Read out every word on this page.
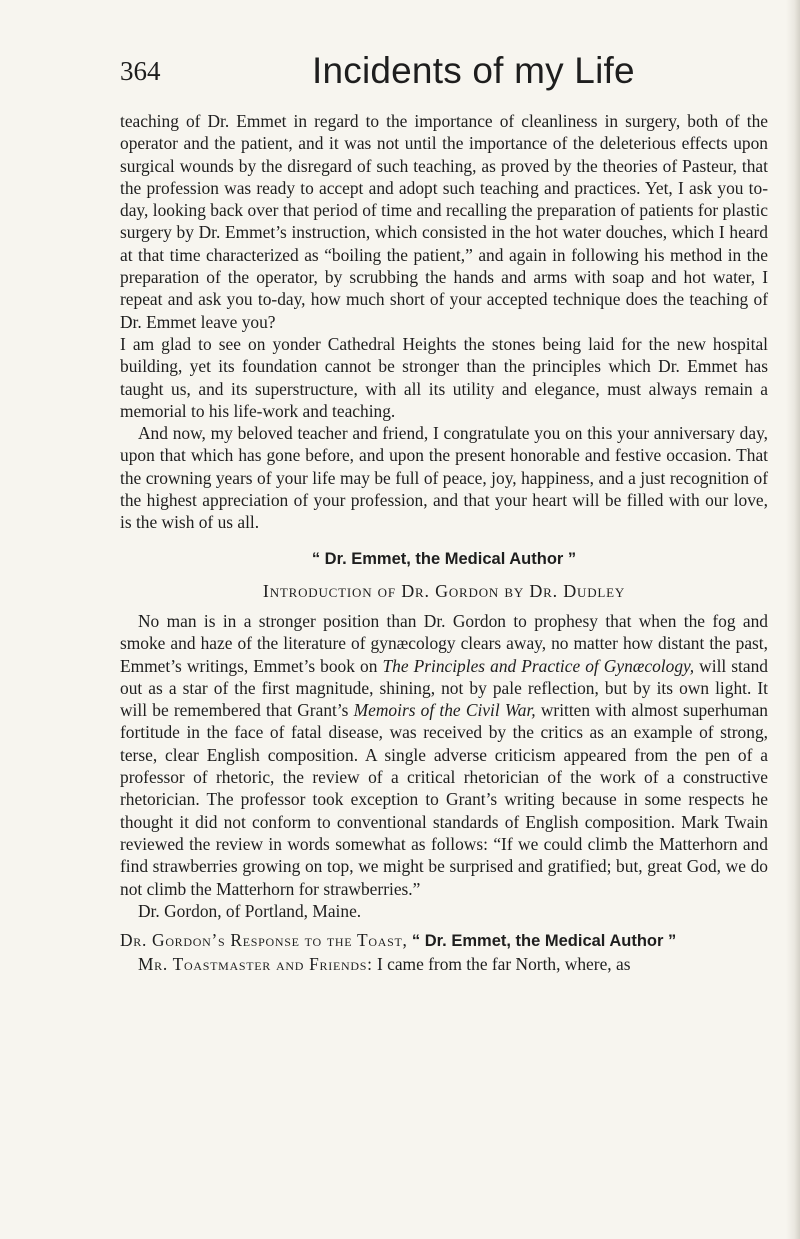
364	Incidents of my Life

teaching of Dr. Emmet in regard to the importance of cleanliness in surgery, both of the operator and the patient, and it was not until the importance of the deleterious effects upon surgical wounds by the disregard of such teaching, as proved by the theories of Pasteur, that the profession was ready to accept and adopt such teaching and practices. Yet, I ask you to-day, looking back over that period of time and recalling the preparation of patients for plastic surgery by Dr. Emmet’s instruction, which consisted in the hot water douches, which I heard at that time characterized as “boiling the patient,” and again in following his method in the preparation of the operator, by scrubbing the hands and arms with soap and hot water, I repeat and ask you to-day, how much short of your accepted technique does the teaching of Dr. Emmet leave you?

I am glad to see on yonder Cathedral Heights the stones being laid for the new hospital building, yet its foundation cannot be stronger than the principles which Dr. Emmet has taught us, and its superstructure, with all its utility and elegance, must always remain a memorial to his life-work and teaching.

And now, my beloved teacher and friend, I congratulate you on this your anniversary day, upon that which has gone before, and upon the present honorable and festive occasion. That the crowning years of your life may be full of peace, joy, happiness, and a just recognition of the highest appreciation of your profession, and that your heart will be filled with our love, is the wish of us all.

“ Dr. Emmet, the Medical Author ”

Introduction of Dr. Gordon by Dr. Dudley

No man is in a stronger position than Dr. Gordon to prophesy that when the fog and smoke and haze of the literature of gynæcology clears away, no matter how distant the past, Emmet’s writings, Emmet’s book on The Principles and Practice of Gynæcology, will stand out as a star of the first magnitude, shining, not by pale reflection, but by its own light. It will be remembered that Grant’s Memoirs of the Civil War, written with almost superhuman fortitude in the face of fatal disease, was received by the critics as an example of strong, terse, clear English composition. A single adverse criticism appeared from the pen of a professor of rhetoric, the review of a critical rhetorician of the work of a constructive rhetorician. The professor took exception to Grant’s writing because in some respects he thought it did not conform to conventional standards of English composition. Mark Twain reviewed the review in words somewhat as follows: “If we could climb the Matterhorn and find strawberries growing on top, we might be surprised and gratified; but, great God, we do not climb the Matterhorn for strawberries.”

Dr. Gordon, of Portland, Maine.

Dr. Gordon’s Response to the Toast, “ Dr. Emmet, the Medical Author ”

Mr. Toastmaster and Friends: I came from the far North, where, as
